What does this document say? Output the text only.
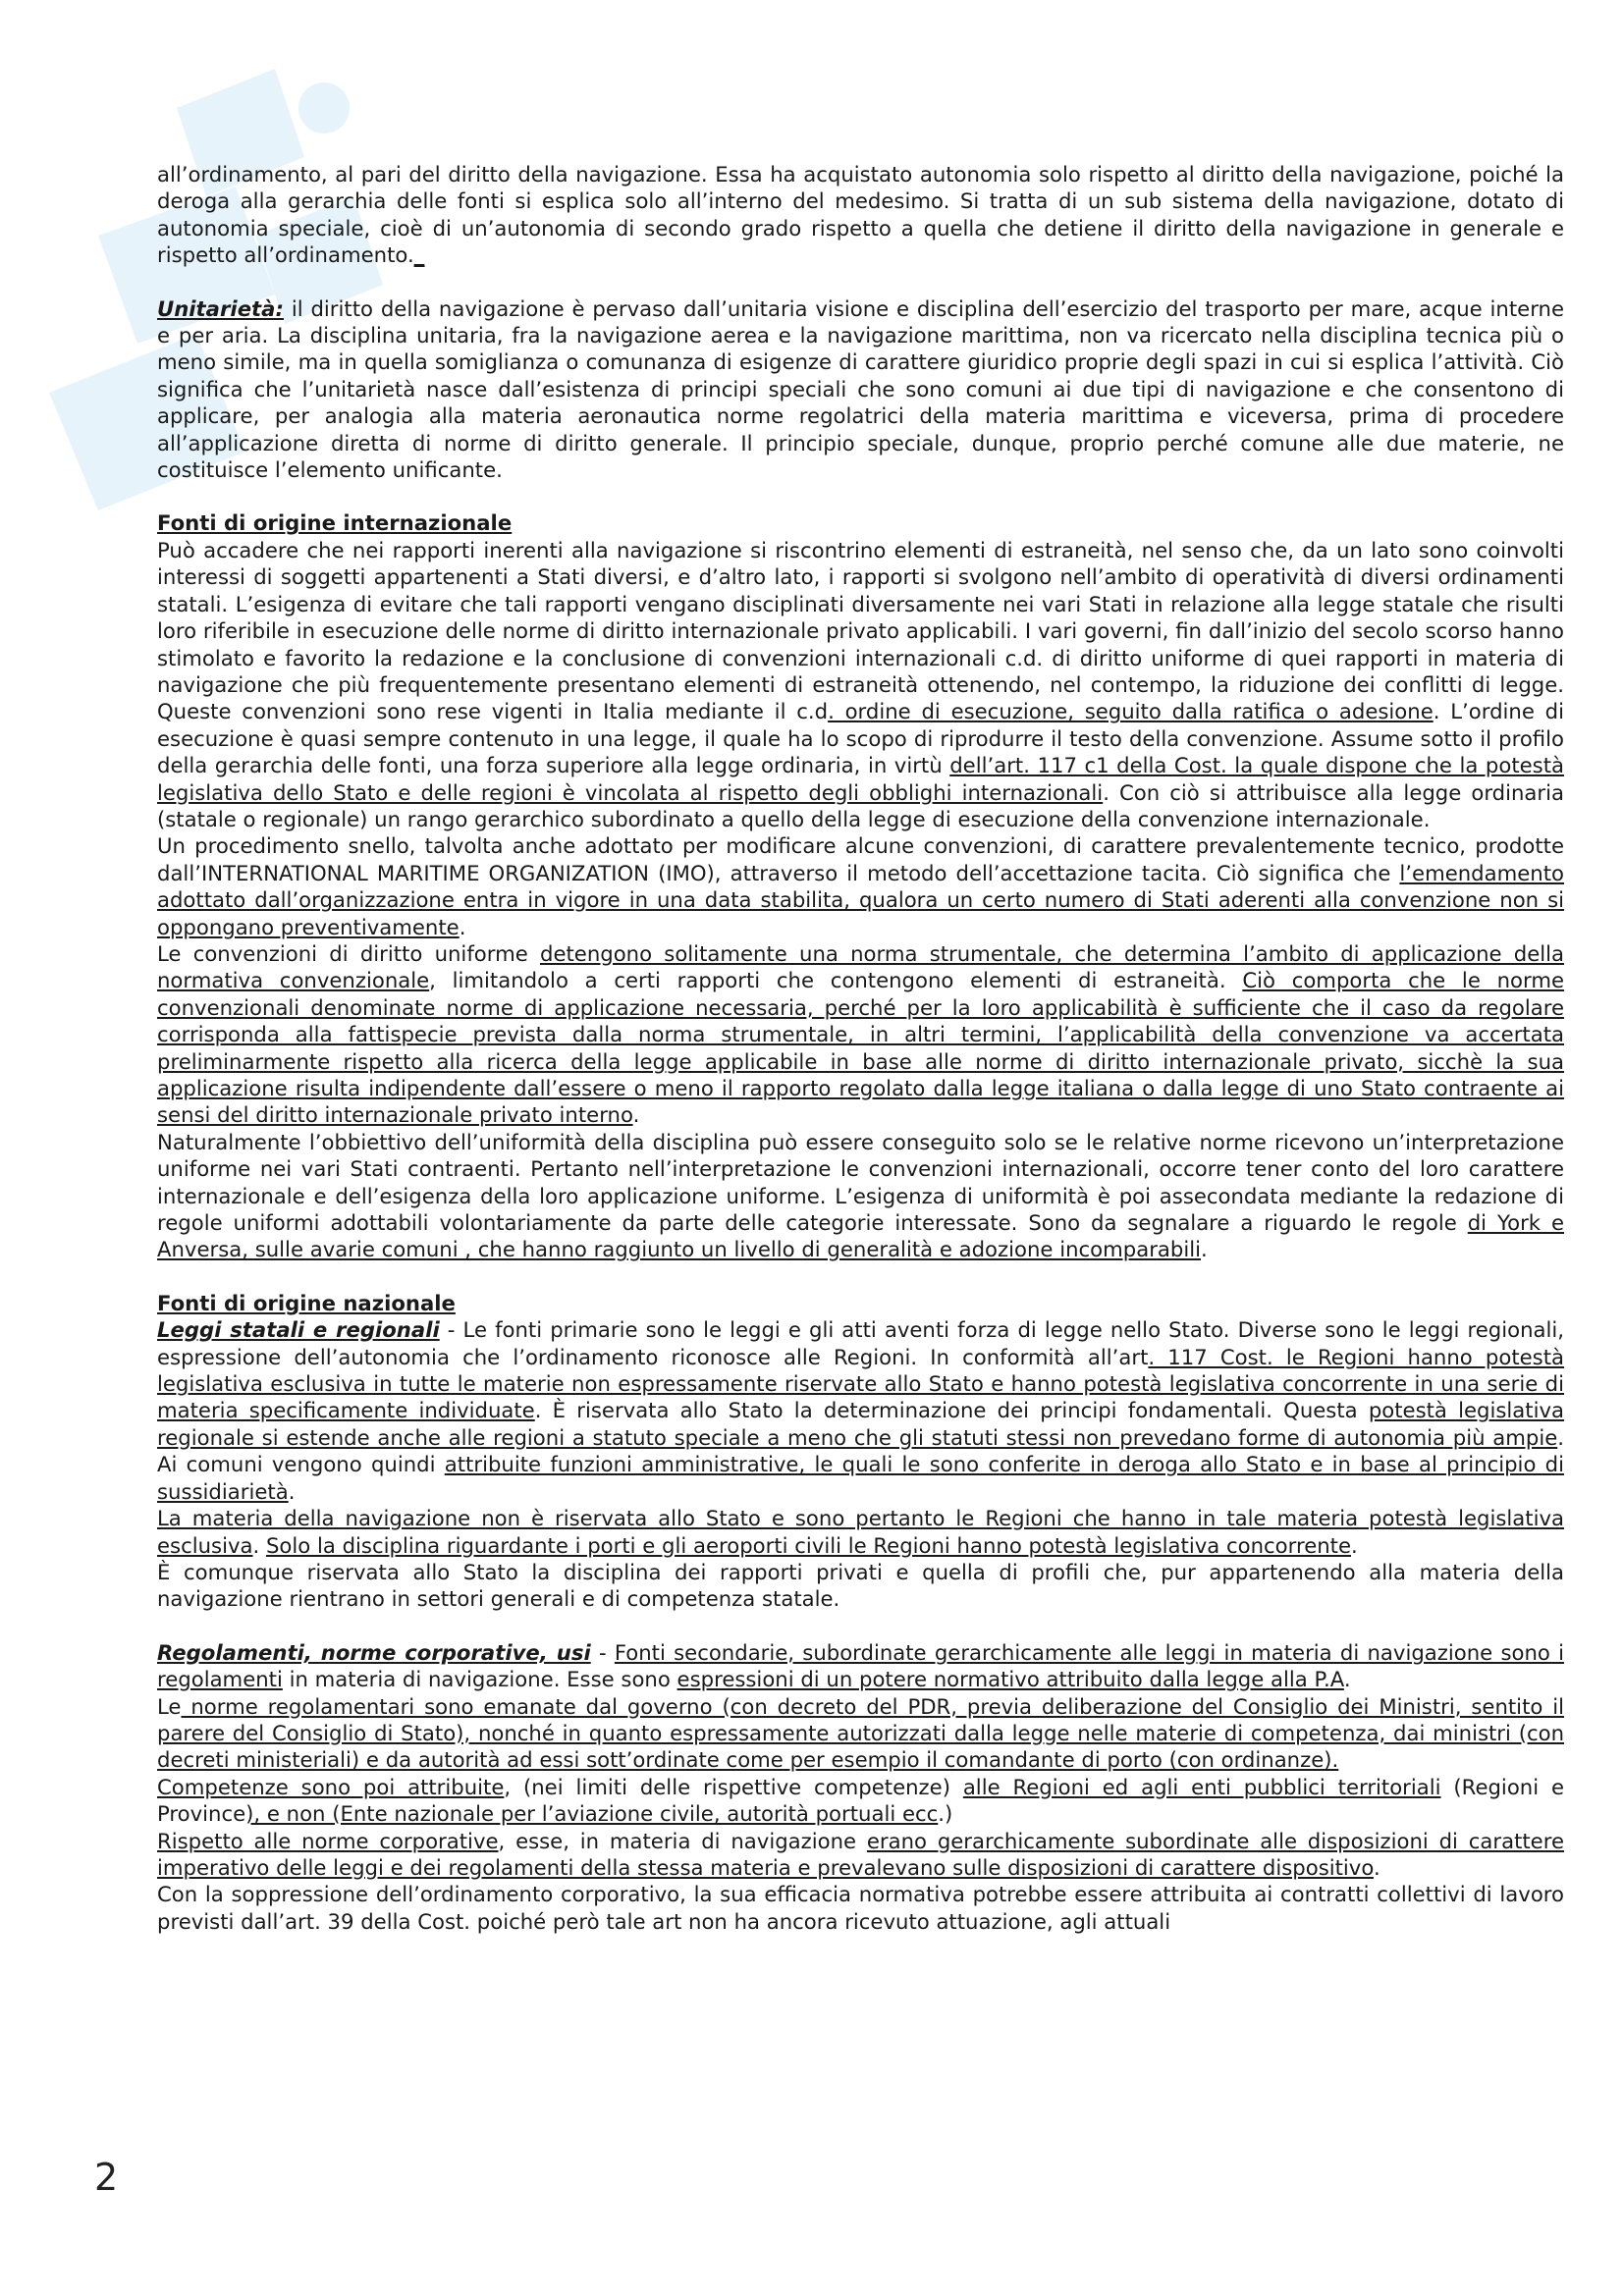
all’ordinamento, al pari del diritto della navigazione. Essa ha acquistato autonomia solo rispetto al diritto della navigazione, poiché la deroga alla gerarchia delle fonti si esplica solo all’interno del medesimo. Si tratta di un sub sistema della navigazione, dotato di autonomia speciale, cioè di un’autonomia di secondo grado rispetto a quella che detiene il diritto della navigazione in generale e rispetto all’ordinamento._

Unitarietà: il diritto della navigazione è pervaso dall’unitaria visione e disciplina dell’esercizio del trasporto per mare, acque interne e per aria. La disciplina unitaria, fra la navigazione aerea e la navigazione marittima, non va ricercato nella disciplina tecnica più o meno simile, ma in quella somiglianza o comunanza di esigenze di carattere giuridico proprie degli spazi in cui si esplica l’attività. Ciò significa che l’unitarietà nasce dall’esistenza di principi speciali che sono comuni ai due tipi di navigazione e che consentono di applicare, per analogia alla materia aeronautica norme regolatrici della materia marittima e viceversa, prima di procedere all’applicazione diretta di norme di diritto generale. Il principio speciale, dunque, proprio perché comune alle due materie, ne costituisce l’elemento unificante.

Fonti di origine internazionale

Può accadere che nei rapporti inerenti alla navigazione si riscontrino elementi di estraneità, nel senso che, da un lato sono coinvolti interessi di soggetti appartenenti a Stati diversi, e d’altro lato, i rapporti si svolgono nell’ambito di operatività di diversi ordinamenti statali. L’esigenza di evitare che tali rapporti vengano disciplinati diversamente nei vari Stati in relazione alla legge statale che risulti loro riferibile in esecuzione delle norme di diritto internazionale privato applicabili. I vari governi, fin dall’inizio del secolo scorso hanno stimolato e favorito la redazione e la conclusione di convenzioni internazionali c.d. di diritto uniforme di quei rapporti in materia di navigazione che più frequentemente presentano elementi di estraneità ottenendo, nel contempo, la riduzione dei conflitti di legge. Queste convenzioni sono rese vigenti in Italia mediante il c.d. ordine di esecuzione, seguito dalla ratifica o adesione. L’ordine di esecuzione è quasi sempre contenuto in una legge, il quale ha lo scopo di riprodurre il testo della convenzione. Assume sotto il profilo della gerarchia delle fonti, una forza superiore alla legge ordinaria, in virtù dell’art. 117 c1 della Cost. la quale dispone che la potestà legislativa dello Stato e delle regioni è vincolata al rispetto degli obblighi internazionali. Con ciò si attribuisce alla legge ordinaria (statale o regionale) un rango gerarchico subordinato a quello della legge di esecuzione della convenzione internazionale.

Un procedimento snello, talvolta anche adottato per modificare alcune convenzioni, di carattere prevalentemente tecnico, prodotte dall’INTERNATIONAL MARITIME ORGANIZATION (IMO), attraverso il metodo dell’accettazione tacita. Ciò significa che l’emendamento adottato dall’organizzazione entra in vigore in una data stabilita, qualora un certo numero di Stati aderenti alla convenzione non si oppongano preventivamente.

Le convenzioni di diritto uniforme detengono solitamente una norma strumentale, che determina l’ambito di applicazione della normativa convenzionale, limitandolo a certi rapporti che contengono elementi di estraneità. Ciò comporta che le norme convenzionali denominate norme di applicazione necessaria, perché per la loro applicabilità è sufficiente che il caso da regolare corrisponda alla fattispecie prevista dalla norma strumentale, in altri termini, l’applicabilità della convenzione va accertata preliminarmente rispetto alla ricerca della legge applicabile in base alle norme di diritto internazionale privato, sicchè la sua applicazione risulta indipendente dall’essere o meno il rapporto regolato dalla legge italiana o dalla legge di uno Stato contraente ai sensi del diritto internazionale privato interno.

Naturalmente l’obbiettivo dell’uniformità della disciplina può essere conseguito solo se le relative norme ricevono un’interpretazione uniforme nei vari Stati contraenti. Pertanto nell’interpretazione le convenzioni internazionali, occorre tener conto del loro carattere internazionale e dell’esigenza della loro applicazione uniforme. L’esigenza di uniformità è poi assecondata mediante la redazione di regole uniformi adottabili volontariamente da parte delle categorie interessate. Sono da segnalare a riguardo le regole di York e Anversa, sulle avarie comuni , che hanno raggiunto un livello di generalità e adozione incomparabili.

Fonti di origine nazionale

Leggi statali e regionali - Le fonti primarie sono le leggi e gli atti aventi forza di legge nello Stato. Diverse sono le leggi regionali, espressione dell’autonomia che l’ordinamento riconosce alle Regioni. In conformità all’art. 117 Cost. le Regioni hanno potestà legislativa esclusiva in tutte le materie non espressamente riservate allo Stato e hanno potestà legislativa concorrente in una serie di materia specificamente individuate. È riservata allo Stato la determinazione dei principi fondamentali. Questa potestà legislativa regionale si estende anche alle regioni a statuto speciale a meno che gli statuti stessi non prevedano forme di autonomia più ampie. Ai comuni vengono quindi attribuite funzioni amministrative, le quali le sono conferite in deroga allo Stato e in base al principio di sussidiarietà.

La materia della navigazione non è riservata allo Stato e sono pertanto le Regioni che hanno in tale materia potestà legislativa esclusiva. Solo la disciplina riguardante i porti e gli aeroporti civili le Regioni hanno potestà legislativa concorrente.

È comunque riservata allo Stato la disciplina dei rapporti privati e quella di profili che, pur appartenendo alla materia della navigazione rientrano in settori generali e di competenza statale.

Regolamenti, norme corporative, usi - Fonti secondarie, subordinate gerarchicamente alle leggi in materia di navigazione sono i regolamenti in materia di navigazione. Esse sono espressioni di un potere normativo attribuito dalla legge alla P.A.

Le norme regolamentari sono emanate dal governo (con decreto del PDR, previa deliberazione del Consiglio dei Ministri, sentito il parere del Consiglio di Stato), nonché in quanto espressamente autorizzati dalla legge nelle materie di competenza, dai ministri (con decreti ministeriali) e da autorità ad essi sott’ordinate come per esempio il comandante di porto (con ordinanze).

Competenze sono poi attribuite, (nei limiti delle rispettive competenze) alle Regioni ed agli enti pubblici territoriali (Regioni e Province), e non (Ente nazionale per l’aviazione civile, autorità portuali ecc.)

Rispetto alle norme corporative, esse, in materia di navigazione erano gerarchicamente subordinate alle disposizioni di carattere imperativo delle leggi e dei regolamenti della stessa materia e prevalevano sulle disposizioni di carattere dispositivo.

Con la soppressione dell’ordinamento corporativo, la sua efficacia normativa potrebbe essere attribuita ai contratti collettivi di lavoro previsti dall’art. 39 della Cost. poiché però tale art non ha ancora ricevuto attuazione, agli attuali

2
